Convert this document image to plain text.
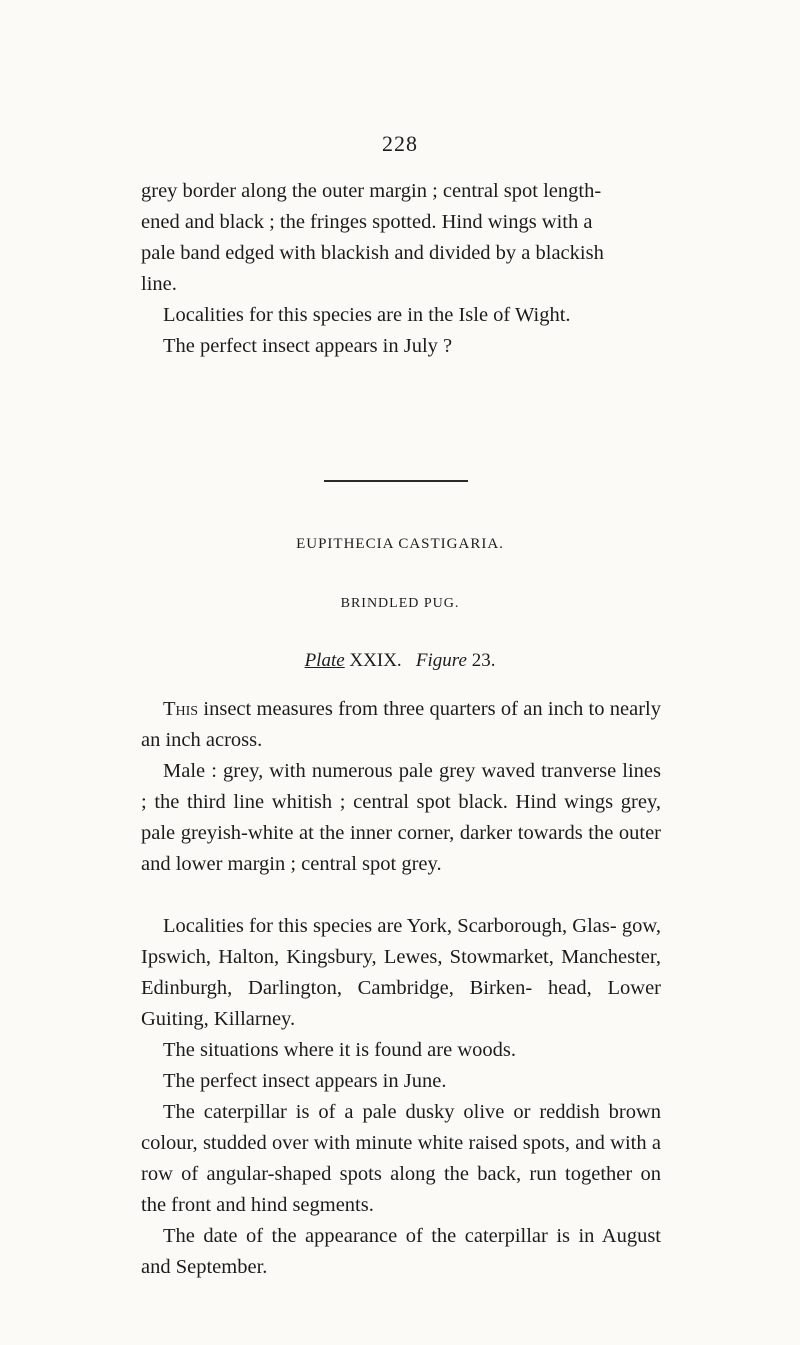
228

grey border along the outer margin ; central spot length-
ened and black ; the fringes spotted. Hind wings with a
pale band edged with blackish and divided by a blackish
line.

Localities for this species are in the Isle of Wight.

The perfect insect appears in July ?

EUPITHECIA CASTIGARIA.
BRINDLED PUG.
Plate XXIX. Figure 23.

This insect measures from three quarters of an inch to nearly an inch across.

Male : grey, with numerous pale grey waved tranverse lines ; the third line whitish ; central spot black. Hind wings grey, pale greyish-white at the inner corner, darker towards the outer and lower margin ; central spot grey.

Localities for this species are York, Scarborough, Glas- gow, Ipswich, Halton, Kingsbury, Lewes, Stowmarket, Manchester, Edinburgh, Darlington, Cambridge, Birken- head, Lower Guiting, Killarney.

The situations where it is found are woods.

The perfect insect appears in June.

The caterpillar is of a pale dusky olive or reddish brown colour, studded over with minute white raised spots, and with a row of angular-shaped spots along the back, run together on the front and hind segments.

The date of the appearance of the caterpillar is in August and September.
